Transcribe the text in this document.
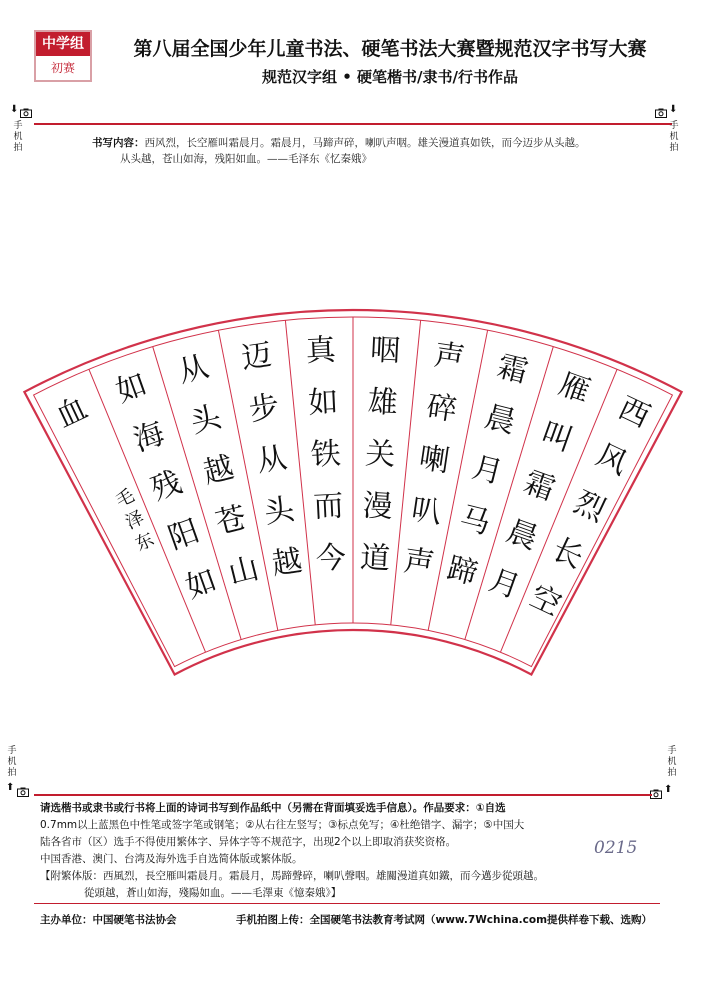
中学组
初赛
第八届全国少年儿童书法、硬笔书法大赛暨规范汉字书写大赛
规范汉字组 • 硬笔楷书/隶书/行书作品
⬇
手
机
拍
⬇
手
机
拍
书写内容：西风烈，长空雁叫霜晨月。霜晨月，马蹄声碎，喇叭声咽。雄关漫道真如铁，而今迈步从头越。
从头越，苍山如海，残阳如血。——毛泽东《忆秦娥》
西
风
烈
长
空
雁
叫
霜
晨
月
霜
晨
月
马
蹄
声
碎
喇
叭
声
咽
雄
关
漫
道
真
如
铁
而
今
迈
步
从
头
越
从
头
越
苍
山
如
海
残
阳
如
血
毛
泽
东
手
机
拍
⬆
手
机
拍
⬆
请选楷书或隶书或行书将上面的诗词书写到作品纸中（另需在背面填妥选手信息）。作品要求：①自选
0.7mm以上蓝黑色中性笔或签字笔或钢笔；②从右往左竖写；③标点免写；④杜绝错字、漏字；⑤中国大
陆各省市（区）选手不得使用繁体字、异体字等不规范字，出现2个以上即取消获奖资格。
中国香港、澳门、台湾及海外选手自选简体版或繁体版。
【附繁体版：西風烈，長空雁叫霜晨月。霜晨月，馬蹄聲碎，喇叭聲咽。雄關漫道真如鐵，而今邁步從頭越。
從頭越，蒼山如海，殘陽如血。——毛澤東《憶秦娥》】
0215
主办单位：中国硬笔书法协会	手机拍图上传：全国硬笔书法教育考试网（www.7Wchina.com提供样卷下载、选购）
